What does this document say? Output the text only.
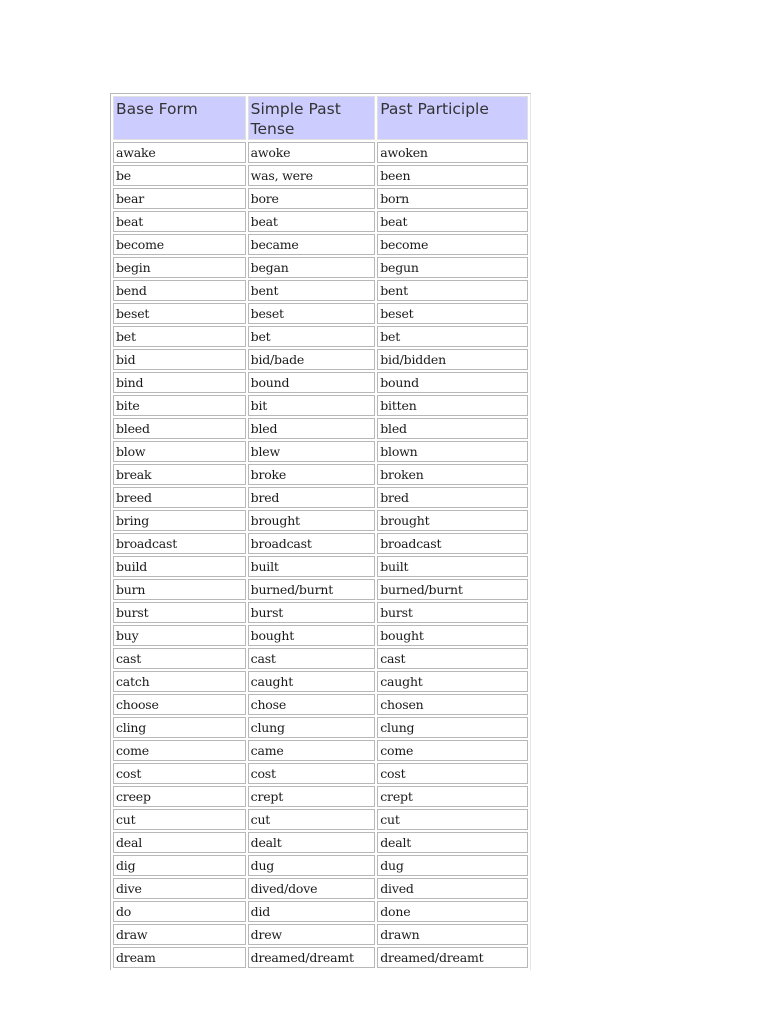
Base Form	Simple Past Tense	Past Participle
awake	awoke	awoken
be	was, were	been
bear	bore	born
beat	beat	beat
become	became	become
begin	began	begun
bend	bent	bent
beset	beset	beset
bet	bet	bet
bid	bid/bade	bid/bidden
bind	bound	bound
bite	bit	bitten
bleed	bled	bled
blow	blew	blown
break	broke	broken
breed	bred	bred
bring	brought	brought
broadcast	broadcast	broadcast
build	built	built
burn	burned/burnt	burned/burnt
burst	burst	burst
buy	bought	bought
cast	cast	cast
catch	caught	caught
choose	chose	chosen
cling	clung	clung
come	came	come
cost	cost	cost
creep	crept	crept
cut	cut	cut
deal	dealt	dealt
dig	dug	dug
dive	dived/dove	dived
do	did	done
draw	drew	drawn
dream	dreamed/dreamt	dreamed/dreamt
